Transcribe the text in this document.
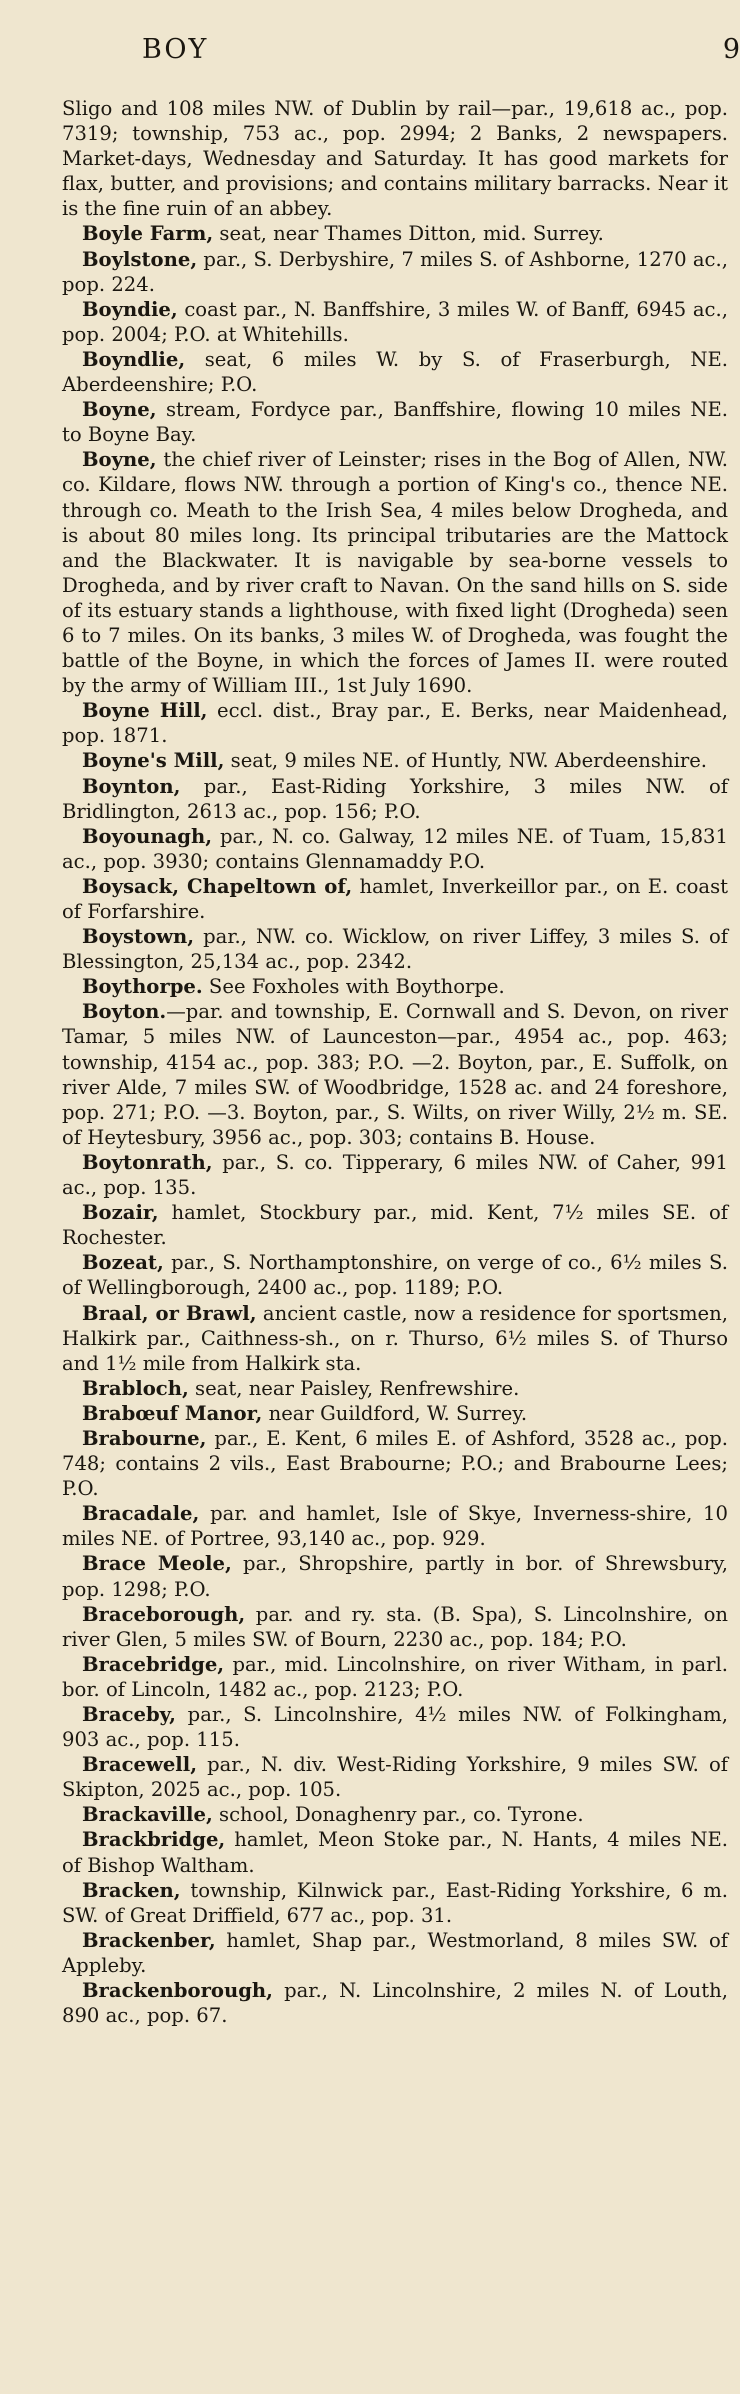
BOY	9

Sligo and 108 miles NW. of Dublin by rail—par., 19,618 ac., pop. 7319; township, 753 ac., pop. 2994; 2 Banks, 2 newspapers. Market-days, Wednesday and Saturday. It has good markets for flax, butter, and provisions; and contains military barracks. Near it is the fine ruin of an abbey.

Boyle Farm, seat, near Thames Ditton, mid. Surrey.

Boylstone, par., S. Derbyshire, 7 miles S. of Ashborne, 1270 ac., pop. 224.

Boyndie, coast par., N. Banffshire, 3 miles W. of Banff, 6945 ac., pop. 2004; P.O. at Whitehills.

Boyndlie, seat, 6 miles W. by S. of Fraserburgh, NE. Aberdeenshire; P.O.

Boyne, stream, Fordyce par., Banffshire, flowing 10 miles NE. to Boyne Bay.

Boyne, the chief river of Leinster; rises in the Bog of Allen, NW. co. Kildare, flows NW. through a portion of King's co., thence NE. through co. Meath to the Irish Sea, 4 miles below Drogheda, and is about 80 miles long. Its principal tributaries are the Mattock and the Blackwater. It is navigable by sea-borne vessels to Drogheda, and by river craft to Navan. On the sand hills on S. side of its estuary stands a lighthouse, with fixed light (Drogheda) seen 6 to 7 miles. On its banks, 3 miles W. of Drogheda, was fought the battle of the Boyne, in which the forces of James II. were routed by the army of William III., 1st July 1690.

Boyne Hill, eccl. dist., Bray par., E. Berks, near Maidenhead, pop. 1871.

Boyne's Mill, seat, 9 miles NE. of Huntly, NW. Aberdeenshire.

Boynton, par., East-Riding Yorkshire, 3 miles NW. of Bridlington, 2613 ac., pop. 156; P.O.

Boyounagh, par., N. co. Galway, 12 miles NE. of Tuam, 15,831 ac., pop. 3930; contains Glennamaddy P.O.

Boysack, Chapeltown of, hamlet, Inverkeillor par., on E. coast of Forfarshire.

Boystown, par., NW. co. Wicklow, on river Liffey, 3 miles S. of Blessington, 25,134 ac., pop. 2342.

Boythorpe. See Foxholes with Boythorpe.

Boyton.—par. and township, E. Cornwall and S. Devon, on river Tamar, 5 miles NW. of Launceston—par., 4954 ac., pop. 463; township, 4154 ac., pop. 383; P.O. —2. Boyton, par., E. Suffolk, on river Alde, 7 miles SW. of Woodbridge, 1528 ac. and 24 foreshore, pop. 271; P.O. —3. Boyton, par., S. Wilts, on river Willy, 2½ m. SE. of Heytesbury, 3956 ac., pop. 303; contains B. House.

Boytonrath, par., S. co. Tipperary, 6 miles NW. of Caher, 991 ac., pop. 135.

Bozair, hamlet, Stockbury par., mid. Kent, 7½ miles SE. of Rochester.

Bozeat, par., S. Northamptonshire, on verge of co., 6½ miles S. of Wellingborough, 2400 ac., pop. 1189; P.O.

Braal, or Brawl, ancient castle, now a residence for sportsmen, Halkirk par., Caithness-sh., on r. Thurso, 6½ miles S. of Thurso and 1½ mile from Halkirk sta.

Brabloch, seat, near Paisley, Renfrewshire.

Brabœuf Manor, near Guildford, W. Surrey.

Brabourne, par., E. Kent, 6 miles E. of Ashford, 3528 ac., pop. 748; contains 2 vils., East Brabourne; P.O.; and Brabourne Lees; P.O.

Bracadale, par. and hamlet, Isle of Skye, Inverness-shire, 10 miles NE. of Portree, 93,140 ac., pop. 929.

Brace Meole, par., Shropshire, partly in bor. of Shrewsbury, pop. 1298; P.O.

Braceborough, par. and ry. sta. (B. Spa), S. Lincolnshire, on river Glen, 5 miles SW. of Bourn, 2230 ac., pop. 184; P.O.

Bracebridge, par., mid. Lincolnshire, on river Witham, in parl. bor. of Lincoln, 1482 ac., pop. 2123; P.O.

Braceby, par., S. Lincolnshire, 4½ miles NW. of Folkingham, 903 ac., pop. 115.

Bracewell, par., N. div. West-Riding Yorkshire, 9 miles SW. of Skipton, 2025 ac., pop. 105.

Brackaville, school, Donaghenry par., co. Tyrone.

Brackbridge, hamlet, Meon Stoke par., N. Hants, 4 miles NE. of Bishop Waltham.

Bracken, township, Kilnwick par., East-Riding Yorkshire, 6 m. SW. of Great Driffield, 677 ac., pop. 31.

Brackenber, hamlet, Shap par., Westmorland, 8 miles SW. of Appleby.

Brackenborough, par., N. Lincolnshire, 2 miles N. of Louth, 890 ac., pop. 67.
